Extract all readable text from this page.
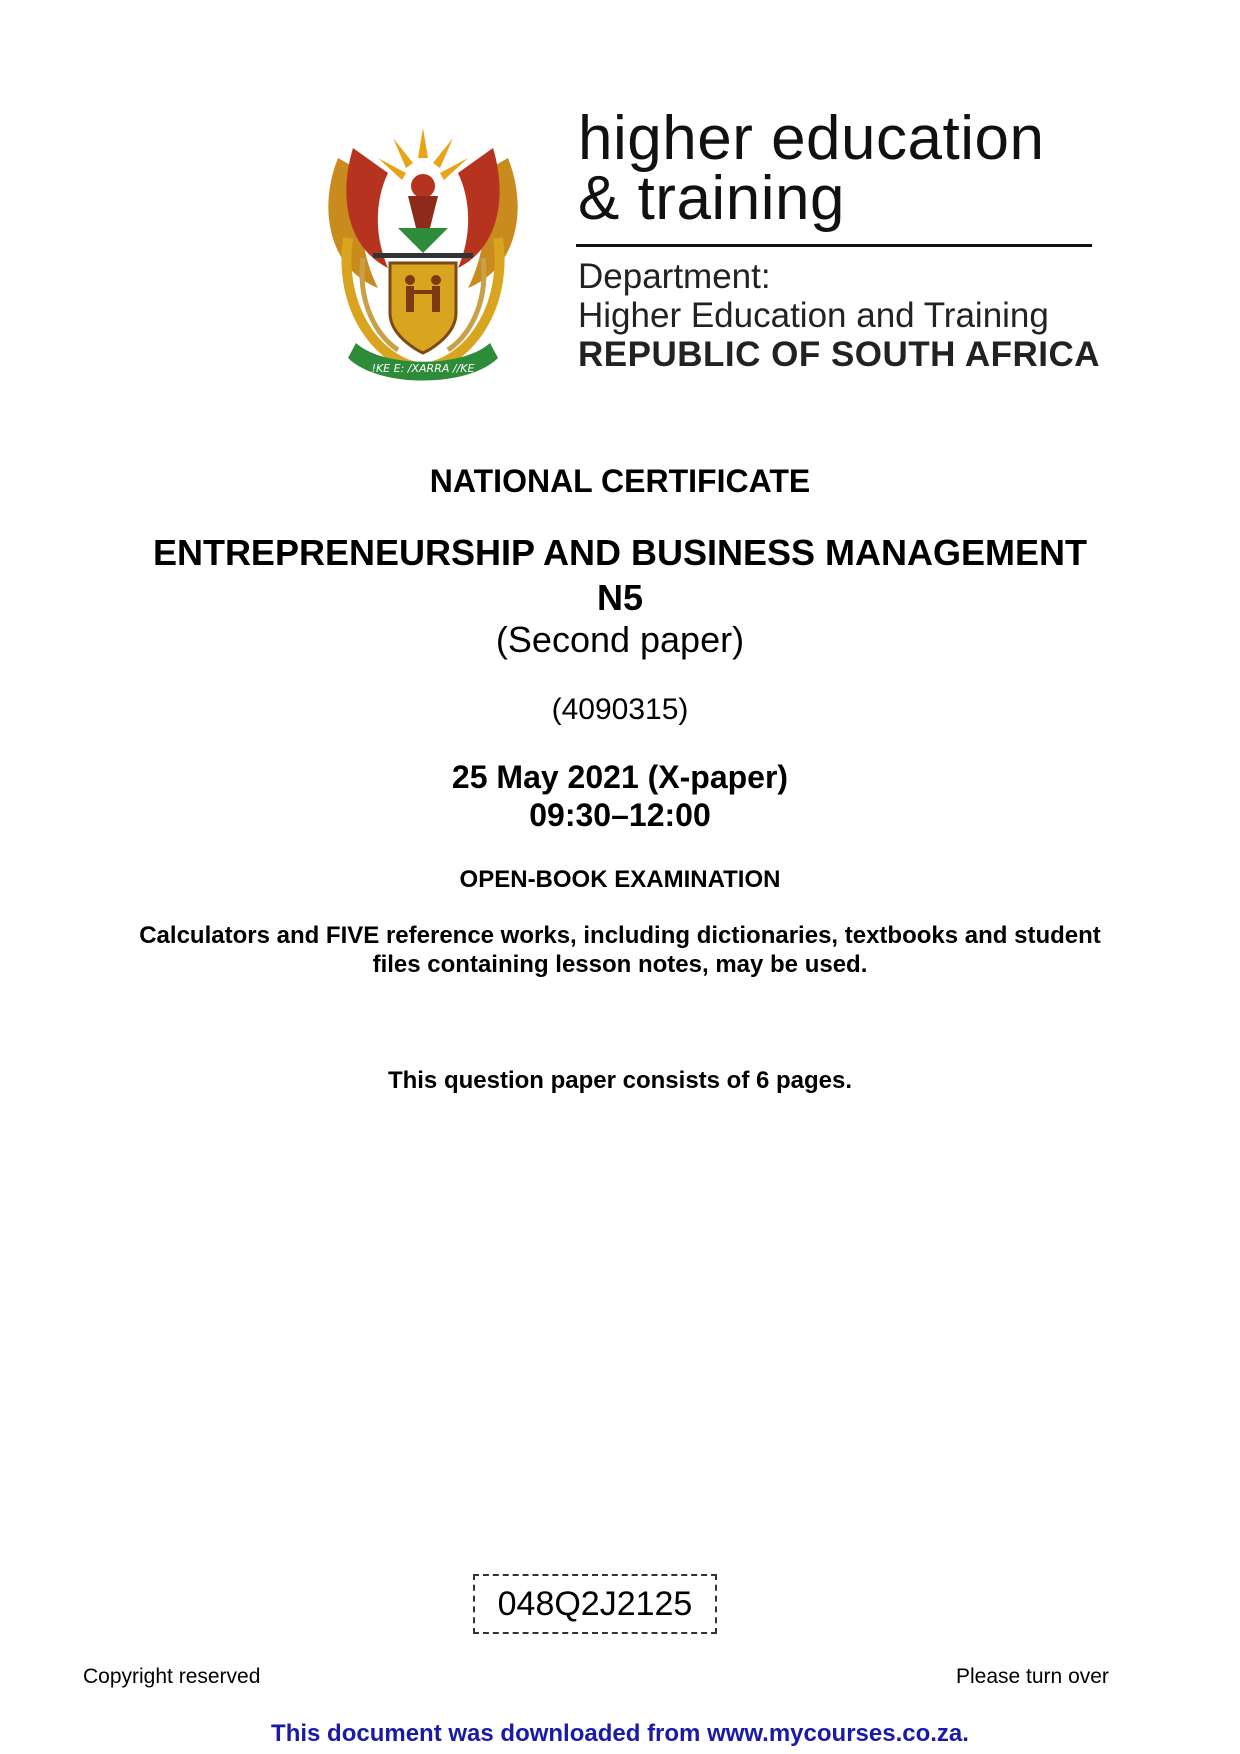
!KE E: /XARRA //KE
higher education
& training
Department:
Higher Education and Training
REPUBLIC OF SOUTH AFRICA
NATIONAL CERTIFICATE
ENTREPRENEURSHIP AND BUSINESS MANAGEMENT
N5
(Second paper)
(4090315)
25 May 2021 (X-paper)
09:30–12:00
OPEN-BOOK EXAMINATION
Calculators and FIVE reference works, including dictionaries, textbooks and student
files containing lesson notes, may be used.
This question paper consists of 6 pages.
048Q2J2125
Copyright reserved	Please turn over
This document was downloaded from www.mycourses.co.za.
